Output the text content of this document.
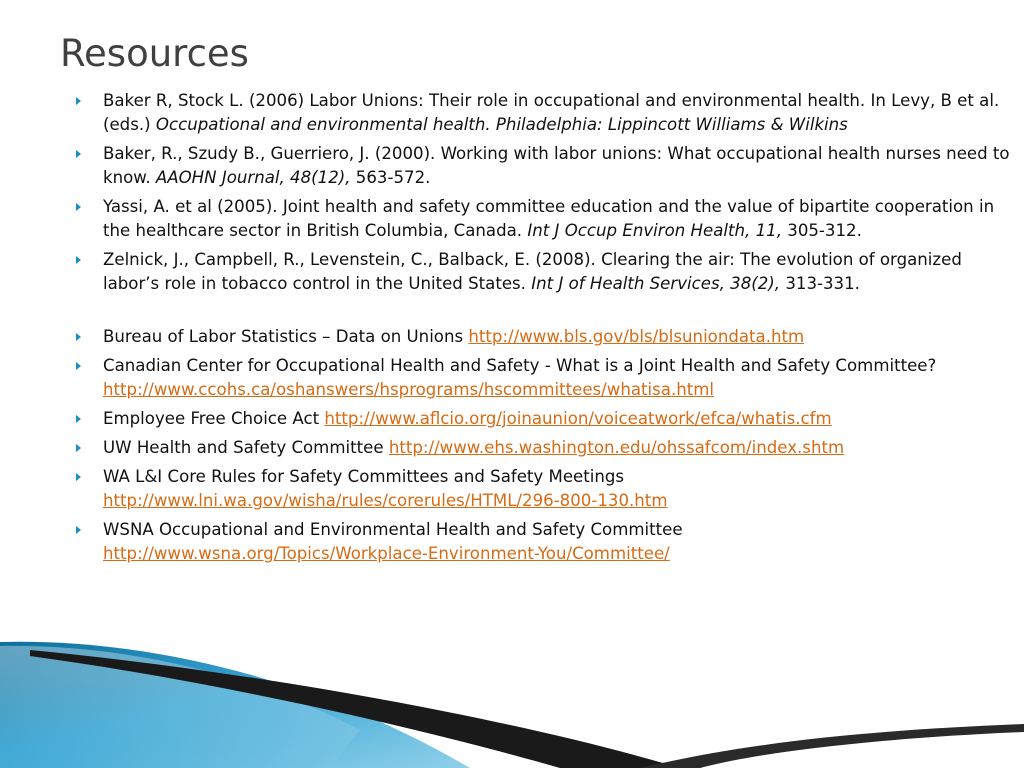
Resources
Baker R, Stock L. (2006) Labor Unions: Their role in occupational and environmental health. In Levy, B et al. (eds.) Occupational and environmental health. Philadelphia: Lippincott Williams & Wilkins
Baker, R., Szudy B., Guerriero, J. (2000). Working with labor unions: What occupational health nurses need to know. AAOHN Journal, 48(12), 563-572.
Yassi, A. et al (2005). Joint health and safety committee education and the value of bipartite cooperation in the healthcare sector in British Columbia, Canada. Int J Occup Environ Health, 11, 305-312.
Zelnick, J., Campbell, R., Levenstein, C., Balback, E. (2008). Clearing the air: The evolution of organized labor’s role in tobacco control in the United States. Int J of Health Services, 38(2), 313-331.
Bureau of Labor Statistics – Data on Unions http://www.bls.gov/bls/blsuniondata.htm
Canadian Center for Occupational Health and Safety - What is a Joint Health and Safety Committee? http://www.ccohs.ca/oshanswers/hsprograms/hscommittees/whatisa.html
Employee Free Choice Act http://www.aflcio.org/joinaunion/voiceatwork/efca/whatis.cfm
UW Health and Safety Committee http://www.ehs.washington.edu/ohssafcom/index.shtm
WA L&I Core Rules for Safety Committees and Safety Meetings
http://www.lni.wa.gov/wisha/rules/corerules/HTML/296-800-130.htm
WSNA Occupational and Environmental Health and Safety Committee
http://www.wsna.org/Topics/Workplace-Environment-You/Committee/
